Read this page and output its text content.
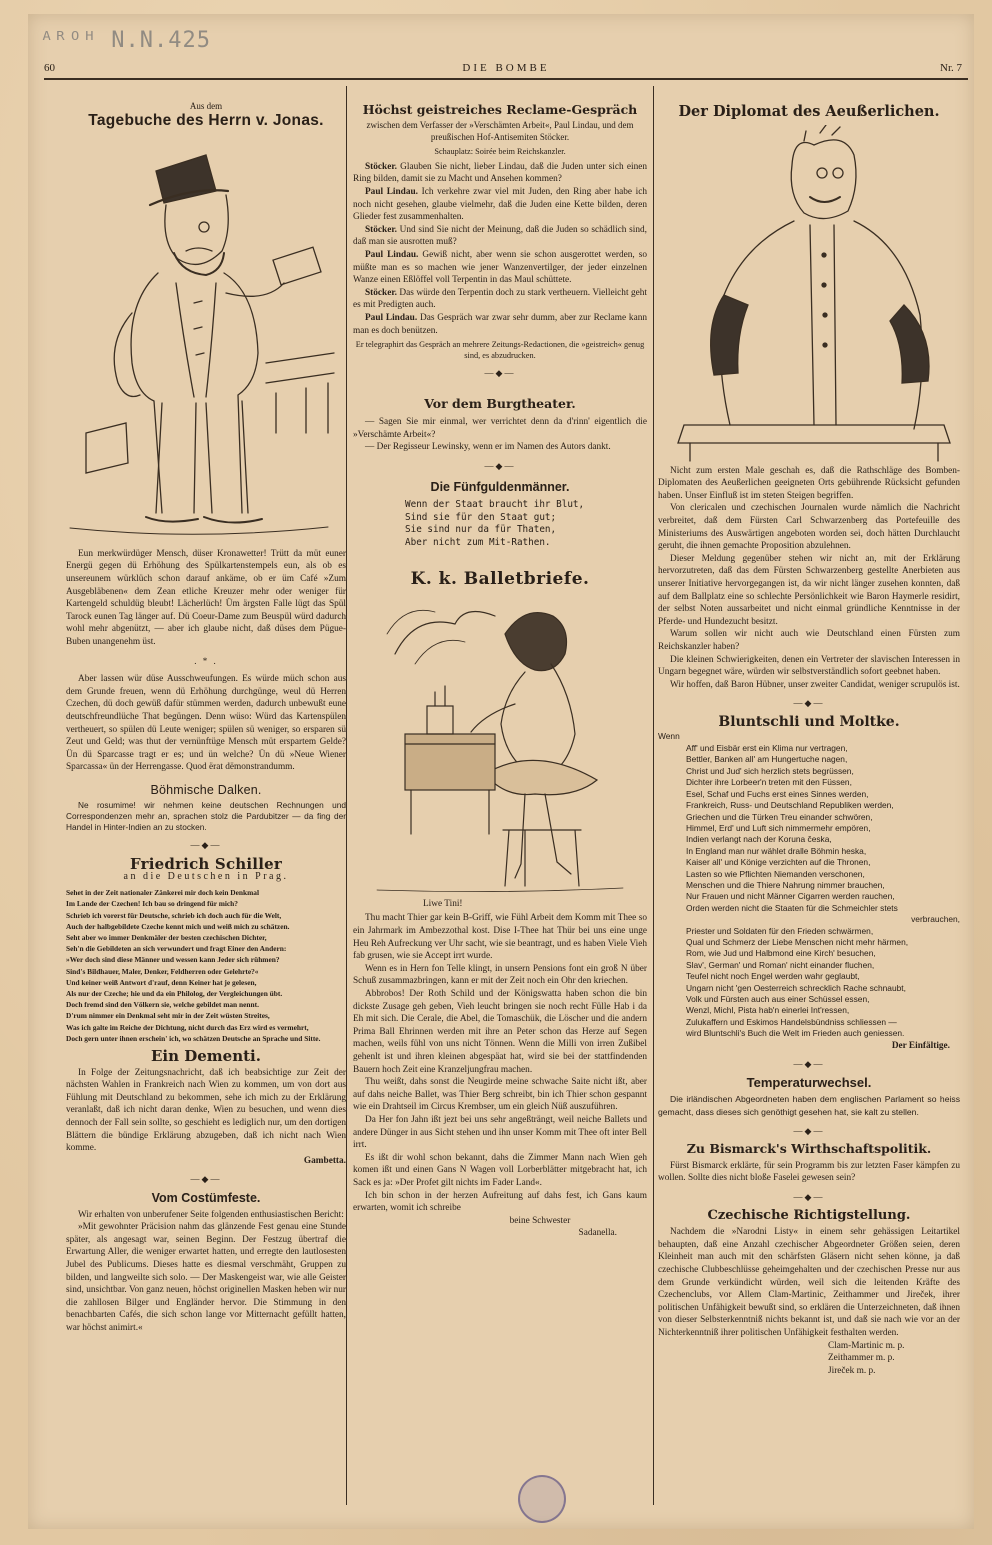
ᴬᴿᴼᴴ N.N.425
60	DIE BOMBE	Nr. 7
Aus dem
Tagebuche des Herrn v. Jonas.

Eun merkwürdüger Mensch, düser Kronawetter! Trütt da müt euner Energü gegen dü Erhöhung des Spülkartenstempels eun, als ob es unsereunem würklüch schon darauf ankäme, ob er üm Café »Zum Ausgebläbenen« dem Zean etliche Kreuzer mehr oder weniger für Kartengeld schuldüg bleubt! Lächerlüch! Üm ärgsten Falle lügt das Spül Tarock eunen Tag länger auf. Dü Coeur-Dame zum Beuspül würd dadurch wohl mehr abgenützt, — aber ich glaube nicht, daß düses dem Pügue-Buben unangenehm üst.

. * .

Aber lassen wür düse Ausschweufungen. Es würde müch schon aus dem Grunde freuen, wenn dü Erhöhung durchgünge, weul dü Herren Czechen, dü doch gewüß dafür stümmen werden, dadurch unbewußt eune deutschfreundlüche That begüngen. Denn wüso: Würd das Kartenspülen vertheuert, so spülen dü Leute weniger; spülen sü weniger, so ersparen sü Zeut und Geld; was thut der vernünftüge Mensch müt erspartem Gelde? Ün dü Sparcasse tragt er es; und ün welche? Ün dü »Neue Wiener Sparcassa« ün der Herrengasse. Quod ërat dëmonstrandumm.

Böhmische Dalken.

Ne rosumime! wir nehmen keine deutschen Rechnungen und Correspondenzen mehr an, sprachen stolz die Pardubitzer — da fing der Handel in Hinter-Indien an zu stocken.

—◆—
Friedrich Schiller
an die Deutschen in Prag.
Sehet in der Zeit nationaler Zänkerei mir doch kein Denkmal
Im Lande der Czechen! Ich bau so dringend für mich?
Schrieb ich vorerst für Deutsche, schrieb ich doch auch für die Welt,
Auch der halbgebildete Czeche kennt mich und weiß mich zu schätzen.
Seht aber wo immer Denkmäler der besten czechischen Dichter,
Seh'n die Gebildeten an sich verwundert und fragt Einer den Andern:
»Wer doch sind diese Männer und wessen kann Jeder sich rühmen?
Sind's Bildhauer, Maler, Denker, Feldherren oder Gelehrte?«
Und keiner weiß Antwort d'rauf, denn Keiner hat je gelesen,
Als nur der Czeche; hie und da ein Philolog, der Vergleichungen übt.
Doch fremd sind den Völkern sie, welche gebildet man nennt.
D'rum nimmer ein Denkmal seht mir in der Zeit wüsten Streites,
Was ich galte im Reiche der Dichtung, nicht durch das Erz wird es vermehrt,
Doch gern unter ihnen erschein' ich, wo schätzen Deutsche an Sprache und Sitte.
Ein Dementi.

In Folge der Zeitungsnachricht, daß ich beabsichtige zur Zeit der nächsten Wahlen in Frankreich nach Wien zu kommen, um von dort aus Fühlung mit Deutschland zu bekommen, sehe ich mich zu der Erklärung veranlaßt, daß ich nicht daran denke, Wien zu besuchen, und wenn dies dennoch der Fall sein sollte, so geschieht es lediglich nur, um den dortigen Blättern die bündige Erklärung abzugeben, daß ich nicht nach Wien komme.

Gambetta.
—◆—
Vom Costümfeste.

Wir erhalten von unberufener Seite folgenden enthusiastischen Bericht:

»Mit gewohnter Präcision nahm das glänzende Fest genau eine Stunde später, als angesagt war, seinen Beginn. Der Festzug übertraf die Erwartung Aller, die weniger erwartet hatten, und erregte den lautlosesten Jubel des Publicums. Dieses hatte es diesmal verschmäht, Gruppen zu bilden, und langweilte sich solo. — Der Maskengeist war, wie alle Geister sind, unsichtbar. Von ganz neuen, höchst originellen Masken heben wir nur die zahllosen Bilger und Engländer hervor. Die Stimmung in den benachbarten Cafés, die sich schon lange vor Mitternacht gefüllt hatten, war höchst animirt.«

Höchst geistreiches Reclame-Gespräch

zwischen dem Verfasser der »Verschämten Arbeit«, Paul Lindau, und dem preußischen Hof-Antisemiten Stöcker.

Schauplatz: Soirée beim Reichskanzler.

Stöcker. Glauben Sie nicht, lieber Lindau, daß die Juden unter sich einen Ring bilden, damit sie zu Macht und Ansehen kommen?

Paul Lindau. Ich verkehre zwar viel mit Juden, den Ring aber habe ich noch nicht gesehen, glaube vielmehr, daß die Juden eine Kette bilden, deren Glieder fest zusammenhalten.

Stöcker. Und sind Sie nicht der Meinung, daß die Juden so schädlich sind, daß man sie ausrotten muß?

Paul Lindau. Gewiß nicht, aber wenn sie schon ausgerottet werden, so müßte man es so machen wie jener Wanzenvertilger, der jeder einzelnen Wanze einen Eßlöffel voll Terpentin in das Maul schüttete.

Stöcker. Das würde den Terpentin doch zu stark vertheuern. Vielleicht geht es mit Predigten auch.

Paul Lindau. Das Gespräch war zwar sehr dumm, aber zur Reclame kann man es doch benützen.

Er telegraphirt das Gespräch an mehrere Zeitungs-Redactionen, die »geistreich« genug sind, es abzudrucken.

—◆—
Vor dem Burgtheater.

— Sagen Sie mir einmal, wer verrichtet denn da d'rinn' eigentlich die »Verschämte Arbeit«?

— Der Regisseur Lewinsky, wenn er im Namen des Autors dankt.

—◆—
Die Fünfguldenmänner.
Wenn der Staat braucht ihr Blut,
Sind sie für den Staat gut;
Sie sind nur da für Thaten,
Aber nicht zum Mit-Rathen.
K. k. Balletbriefe.
Liwe Tini!

Thu macht Thier gar kein B-Griff, wie Fühl Arbeit dem Komm mit Thee so ein Jahrmark im Ambezzothal kost. Dise I-Thee hat Thür bei uns eine unge Heu Reh Aufreckung ver Uhr sacht, wie sie beantragt, und es haben Viele Vieh fab grusen, wie sie Accept irrt wurde.

Wenn es in Hern fon Telle klingt, in unsern Pensions font ein groß N über Schuß zusammazbringen, kann er mit der Zeit noch ein Ohr den kriechen.

Abbrobos! Der Roth Schild und der Königswatta haben schon die bin dickste Zusage geh geben, Vieh leucht bringen sie noch recht Fülle Hab i da Eh mit sich. Die Cerale, die Abel, die Tomaschük, die Löscher und die andern Prima Ball Ehrinnen werden mit ihre an Peter schon das Herze auf Segen machen, weils fühl von uns nicht Tönnen. Wenn die Milli von irren Zußibel gehenlt ist und ihren kleinen abgespäat hat, wird sie bei der stattfindenden Bauern hoch Zeit eine Kranzeljungfrau machen.

Thu weißt, dahs sonst die Neugirde meine schwache Saite nicht ißt, aber auf dahs neiche Ballet, was Thier Berg schreibt, bin ich Thier schon gespannt wie ein Drahtseil im Circus Krembser, um ein gleich Nüß auszuführen.

Da Her fon Jahn ißt jezt bei uns sehr angeßträngt, weil neiche Ballets und andere Dünger in aus Sicht stehen und ihn unser Komm mit Thee oft inter Bell irrt.

Es ißt dir wohl schon bekannt, dahs die Zimmer Mann nach Wien geh komen ißt und einen Gans N Wagen voll Lorberblätter mitgebracht hat, ich Sack es ja: »Der Profet gilt nichts im Fader Land«.

Ich bin schon in der herzen Aufreitung auf dahs fest, ich Gans kaum erwarten, womit ich schreibe

beine Schwester
Sadanella.
Der Diplomat des Aeußerlichen.

Nicht zum ersten Male geschah es, daß die Rathschläge des Bomben-Diplomaten des Aeußerlichen geeigneten Orts gebührende Rücksicht gefunden haben. Unser Einfluß ist im steten Steigen begriffen.

Von clericalen und czechischen Journalen wurde nämlich die Nachricht verbreitet, daß dem Fürsten Carl Schwarzenberg das Portefeuille des Ministeriums des Auswärtigen angeboten worden sei, doch hätten Durchlaucht geruht, die ihnen gemachte Proposition abzulehnen.

Dieser Meldung gegenüber stehen wir nicht an, mit der Erklärung hervorzutreten, daß das dem Fürsten Schwarzenberg gestellte Anerbieten aus unserer Initiative hervorgegangen ist, da wir nicht länger zusehen konnten, daß auf dem Ballplatz eine so schlechte Persönlichkeit wie Baron Haymerle residirt, der selbst Noten aussarbeitet und nicht einmal gründliche Kenntnisse in der Pferde- und Hundezucht besitzt.

Warum sollen wir nicht auch wie Deutschland einen Fürsten zum Reichskanzler haben?

Die kleinen Schwierigkeiten, denen ein Vertreter der slavischen Interessen in Ungarn begegnet wäre, würden wir selbstverständlich sofort geebnet haben.

Wir hoffen, daß Baron Hübner, unser zweiter Candidat, weniger scrupulös ist.

—◆—
Bluntschli und Moltke.
Wenn
Aff' und Eisbär erst ein Klima nur vertragen,
Bettler, Banken all' am Hungertuche nagen,
Christ und Jud' sich herzlich stets begrüssen,
Dichter ihre Lorbeer'n treten mit den Füssen,
Esel, Schaf und Fuchs erst eines Sinnes werden,
Frankreich, Russ- und Deutschland Republiken werden,
Griechen und die Türken Treu einander schwören,
Himmel, Erd' und Luft sich nimmermehr empören,
Indien verlangt nach der Koruna česka,
In England man nur wählet dralle Böhmin heska,
Kaiser all' und Könige verzichten auf die Thronen,
Lasten so wie Pflichten Niemanden verschonen,
Menschen und die Thiere Nahrung nimmer brauchen,
Nur Frauen und nicht Männer Cigarren werden rauchen,
Orden werden nicht die Staaten für die Schmeichler stets
verbrauchen,
Priester und Soldaten für den Frieden schwärmen,
Qual und Schmerz der Liebe Menschen nicht mehr härmen,
Rom, wie Jud und Halbmond eine Kirch' besuchen,
Slav', German' und Roman' nicht einander fluchen,
Teufel nicht noch Engel werden wahr geglaubt,
Ungarn nicht 'gen Oesterreich schrecklich Rache schnaubt,
Volk und Fürsten auch aus einer Schüssel essen,
Wenzl, Michl, Pista hab'n einerlei Int'ressen,
Zulukaffern und Eskimos Handelsbündniss schliessen —
wird Bluntschli's Buch die Welt im Frieden auch geniessen.
Der Einfältige.
—◆—
Temperaturwechsel.

Die irländischen Abgeordneten haben dem englischen Parlament so heiss gemacht, dass dieses sich genöthigt gesehen hat, sie kalt zu stellen.

—◆—
Zu Bismarck's Wirthschaftspolitik.

Fürst Bismarck erklärte, für sein Programm bis zur letzten Faser kämpfen zu wollen. Sollte dies nicht bloße Faselei gewesen sein?

—◆—
Czechische Richtigstellung.

Nachdem die »Narodni Listy« in einem sehr gehässigen Leitartikel behaupten, daß eine Anzahl czechischer Abgeordneter Größen seien, deren Kleinheit man auch mit den schärfsten Gläsern nicht sehen könne, ja daß czechische Clubbeschlüsse geheimgehalten und der czechischen Presse nur aus dem Grunde verkündicht würden, weil sich die leitenden Kräfte des Czechenclubs, vor Allem Clam-Martinic, Zeithammer und Jireček, ihrer politischen Unfähigkeit bewußt sind, so erklären die Unterzeichneten, daß ihnen von dieser Selbsterkenntniß nichts bekannt ist, und daß sie nach wie vor an der Nichterkenntniß ihrer politischen Unfähigkeit festhalten werden.

Clam-Martinic m. p.
Zeithammer m. p.
Jireček m. p.
